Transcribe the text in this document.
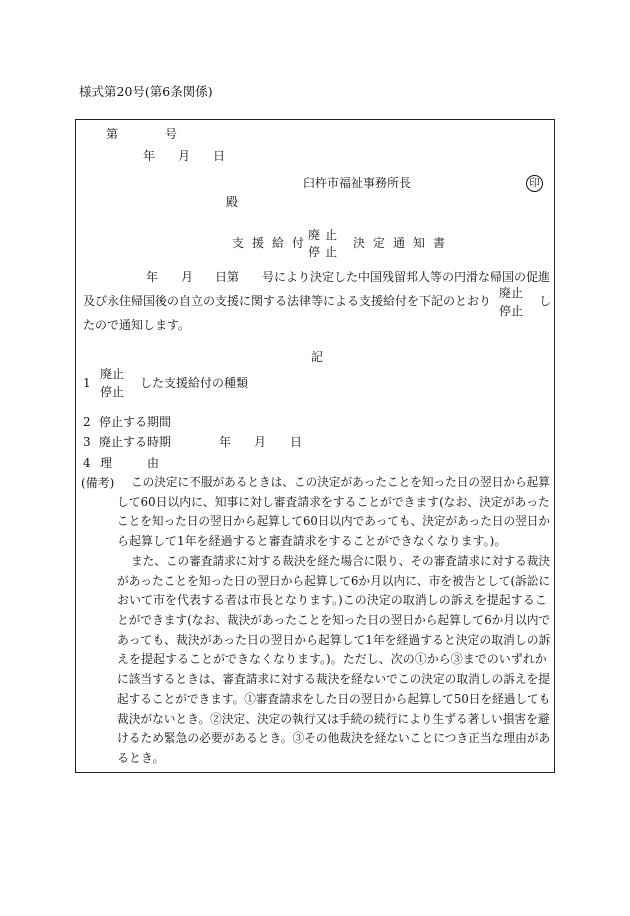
様式第20号(第6条関係)
第	号
年 月 日
臼杵市福祉事務所長	印
殿
支援給付
廃止
停止
決定通知書
年 月 日第 号により決定した中国残留邦人等の円滑な帰国の促進
及び永住帰国後の自立の支援に関する法律等による支援給付を下記のとおり
廃止
停止
し
たので通知します。
記
1
廃止
停止
した支援給付の種類
2 停止する期間
3 廃止する時期	年 月 日
4 理	由
(備考) この決定に不服があるときは、この決定があったことを知った日の翌日から起算
して60日以内に、知事に対し審査請求をすることができます(なお、決定があった
ことを知った日の翌日から起算して60日以内であっても、決定があった日の翌日か
ら起算して1年を経過すると審査請求をすることができなくなります。)。
また、この審査請求に対する裁決を経た場合に限り、その審査請求に対する裁決
があったことを知った日の翌日から起算して6か月以内に、市を被告として(訴訟に
おいて市を代表する者は市長となります。)この決定の取消しの訴えを提起するこ
とができます(なお、裁決があったことを知った日の翌日から起算して6か月以内で
あっても、裁決があった日の翌日から起算して1年を経過すると決定の取消しの訴
えを提起することができなくなります。)。ただし、次の①から③までのいずれか
に該当するときは、審査請求に対する裁決を経ないでこの決定の取消しの訴えを提
起することができます。①審査請求をした日の翌日から起算して50日を経過しても
裁決がないとき。②決定、決定の執行又は手続の続行により生ずる著しい損害を避
けるため緊急の必要があるとき。③その他裁決を経ないことにつき正当な理由があ
るとき。
